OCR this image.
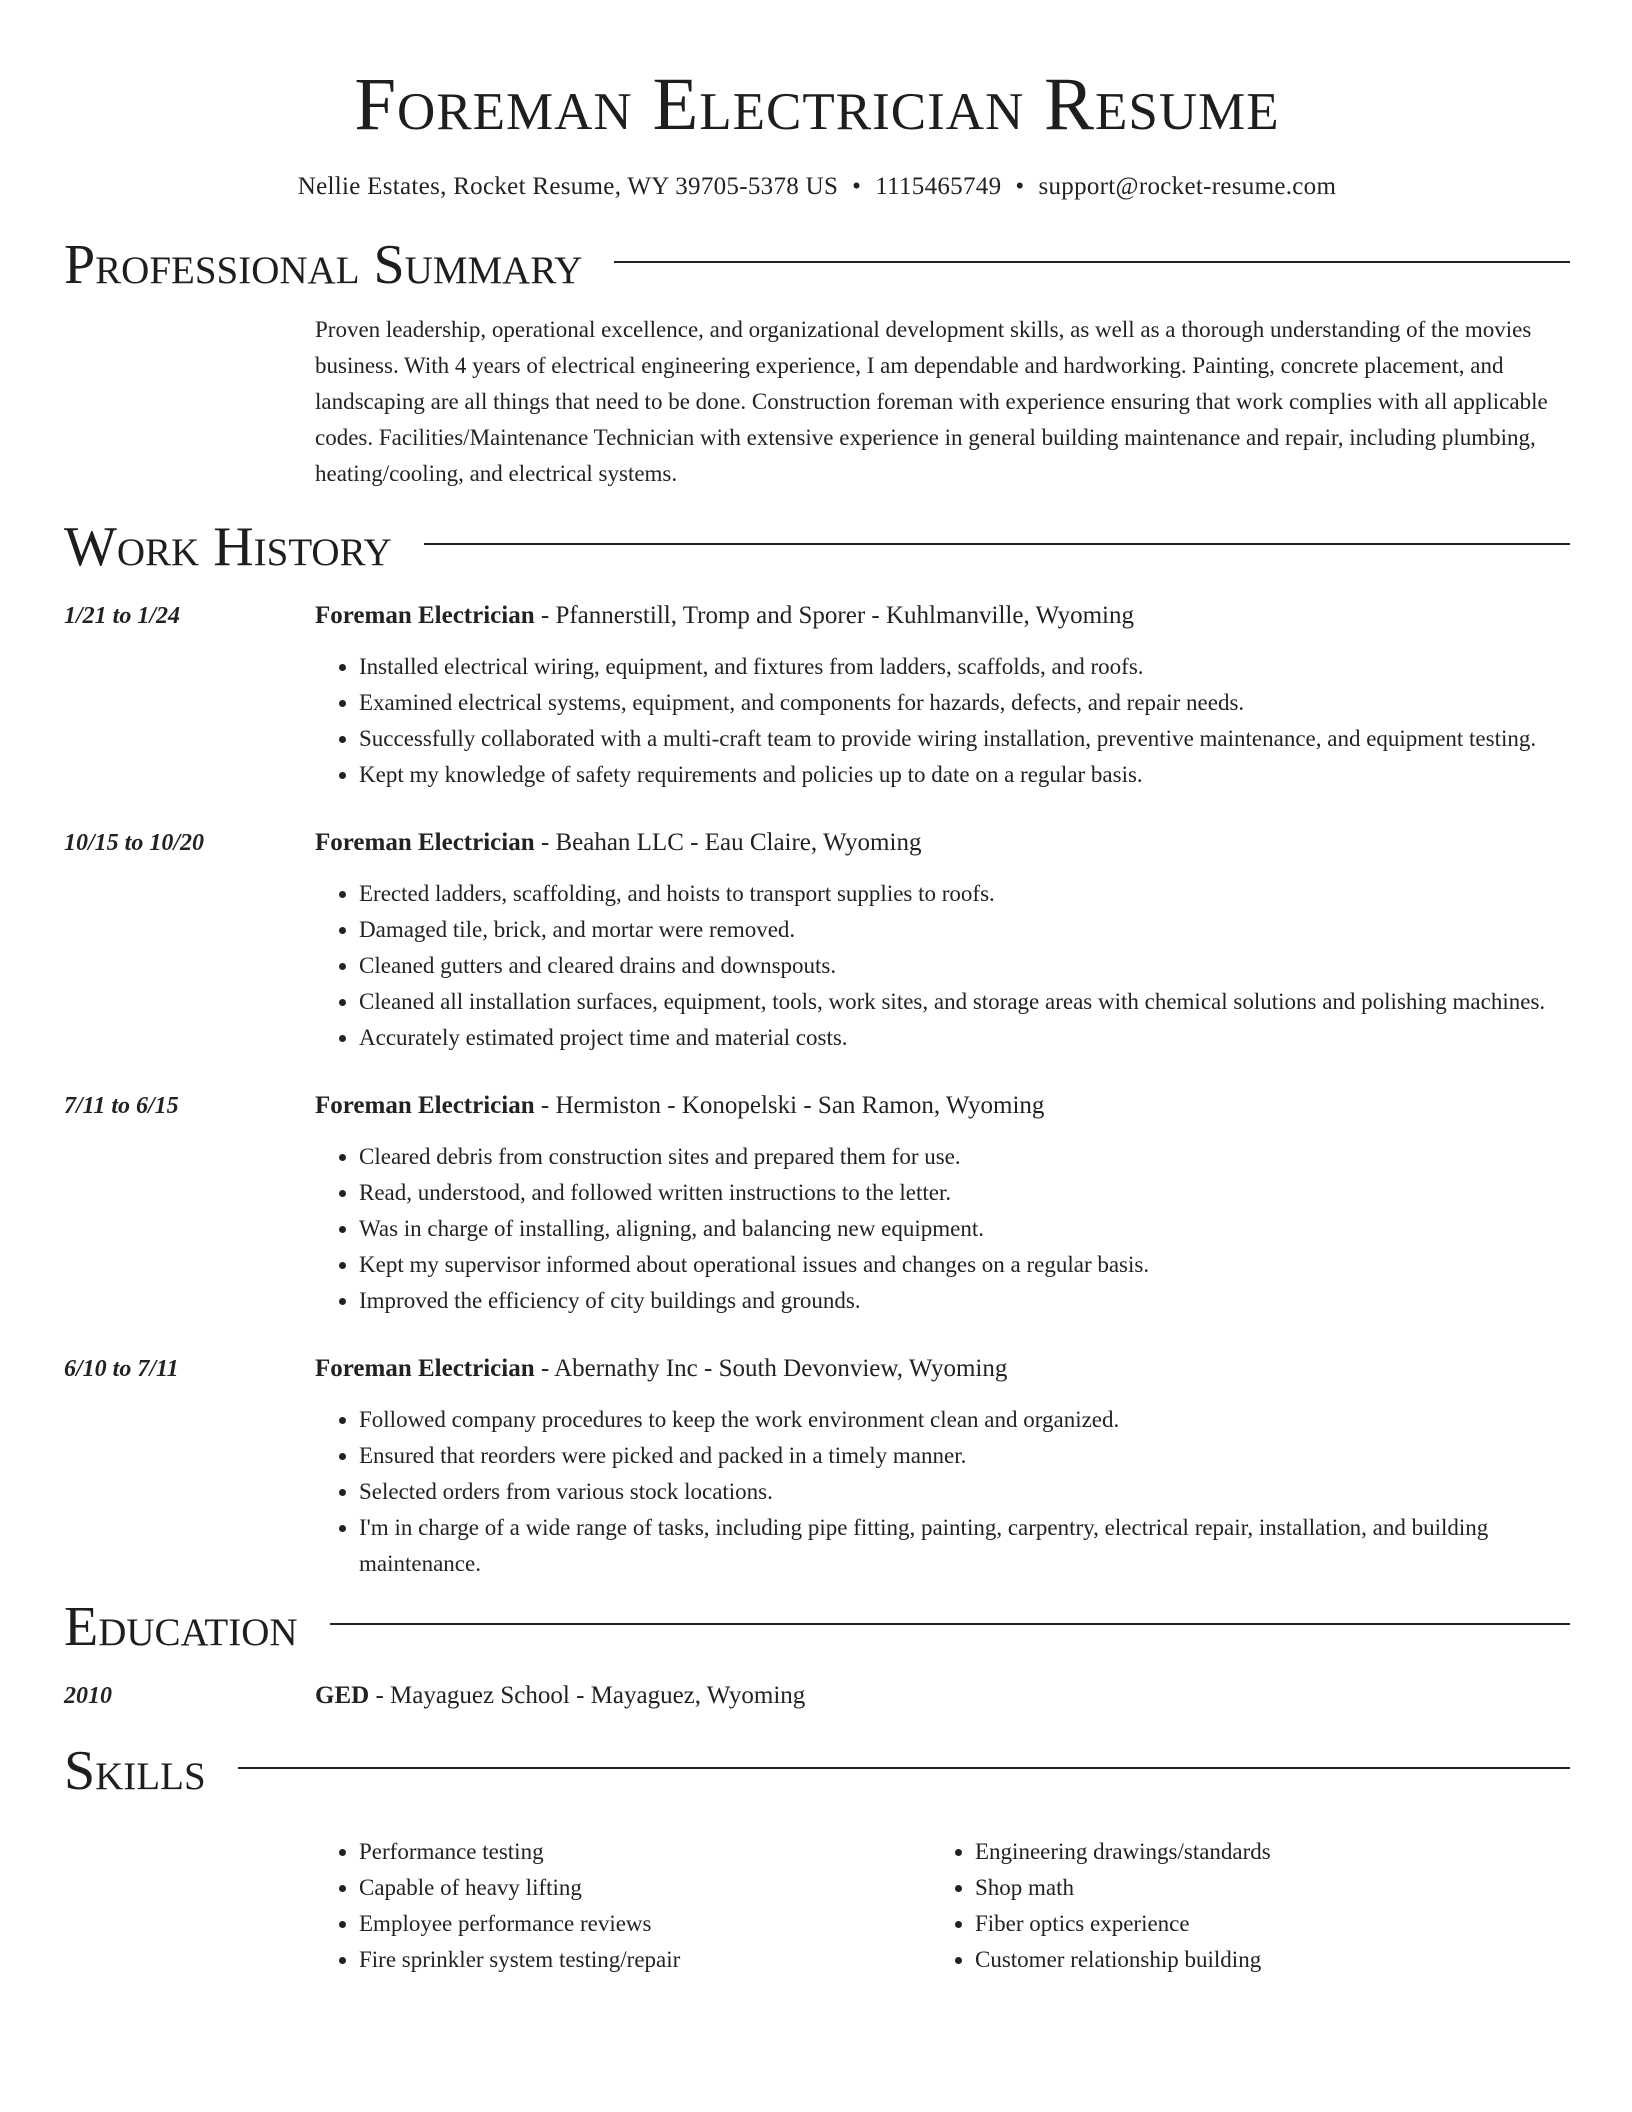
Foreman Electrician Resume
Nellie Estates, Rocket Resume, WY 39705-5378 US • 1115465749 • support@rocket-resume.com
Professional Summary
Proven leadership, operational excellence, and organizational development skills, as well as a thorough understanding of the movies business. With 4 years of electrical engineering experience, I am dependable and hardworking. Painting, concrete placement, and landscaping are all things that need to be done. Construction foreman with experience ensuring that work complies with all applicable codes. Facilities/Maintenance Technician with extensive experience in general building maintenance and repair, including plumbing, heating/cooling, and electrical systems.
Work History
1/21 to 1/24	Foreman Electrician - Pfannerstill, Tromp and Sporer - Kuhlmanville, Wyoming
• Installed electrical wiring, equipment, and fixtures from ladders, scaffolds, and roofs.
• Examined electrical systems, equipment, and components for hazards, defects, and repair needs.
• Successfully collaborated with a multi-craft team to provide wiring installation, preventive maintenance, and equipment testing.
• Kept my knowledge of safety requirements and policies up to date on a regular basis.
10/15 to 10/20	Foreman Electrician - Beahan LLC - Eau Claire, Wyoming
• Erected ladders, scaffolding, and hoists to transport supplies to roofs.
• Damaged tile, brick, and mortar were removed.
• Cleaned gutters and cleared drains and downspouts.
• Cleaned all installation surfaces, equipment, tools, work sites, and storage areas with chemical solutions and polishing machines.
• Accurately estimated project time and material costs.
7/11 to 6/15	Foreman Electrician - Hermiston - Konopelski - San Ramon, Wyoming
• Cleared debris from construction sites and prepared them for use.
• Read, understood, and followed written instructions to the letter.
• Was in charge of installing, aligning, and balancing new equipment.
• Kept my supervisor informed about operational issues and changes on a regular basis.
• Improved the efficiency of city buildings and grounds.
6/10 to 7/11	Foreman Electrician - Abernathy Inc - South Devonview, Wyoming
• Followed company procedures to keep the work environment clean and organized.
• Ensured that reorders were picked and packed in a timely manner.
• Selected orders from various stock locations.
• I'm in charge of a wide range of tasks, including pipe fitting, painting, carpentry, electrical repair, installation, and building maintenance.
Education
2010	GED - Mayaguez School - Mayaguez, Wyoming
Skills
• Performance testing
• Capable of heavy lifting
• Employee performance reviews
• Fire sprinkler system testing/repair
• Engineering drawings/standards
• Shop math
• Fiber optics experience
• Customer relationship building
